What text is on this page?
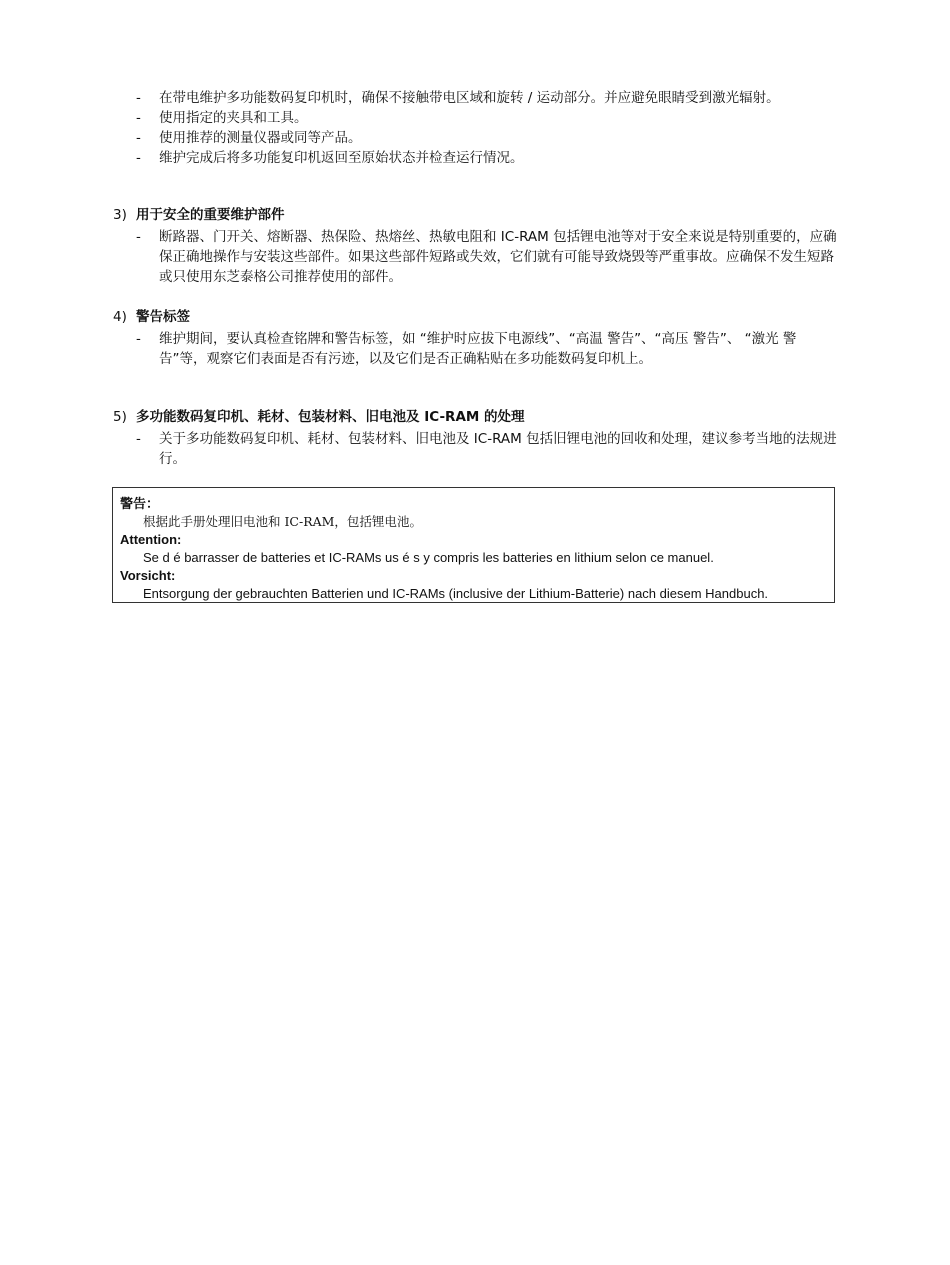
-	在带电维护多功能数码复印机时，确保不接触带电区域和旋转 / 运动部分。并应避免眼睛受到激光辐射。
-	使用指定的夹具和工具。
-	使用推荐的测量仪器或同等产品。
-	维护完成后将多功能复印机返回至原始状态并检查运行情况。
3) 用于安全的重要维护部件
-	断路器、门开关、熔断器、热保险、热熔丝、热敏电阻和 IC-RAM 包括锂电池等对于安全来说是特别重要的，应确保正确地操作与安装这些部件。如果这些部件短路或失效，它们就有可能导致烧毁等严重事故。应确保不发生短路或只使用东芝泰格公司推荐使用的部件。
4) 警告标签
-	维护期间，要认真检查铭牌和警告标签，如 “维护时应拔下电源线”、“高温 警告”、“高压 警告”、 “激光 警告”等，观察它们表面是否有污迹，以及它们是否正确粘贴在多功能数码复印机上。
5) 多功能数码复印机、耗材、包装材料、旧电池及 IC-RAM 的处理
-	关于多功能数码复印机、耗材、包装材料、旧电池及 IC-RAM 包括旧锂电池的回收和处理，建议参考当地的法规进行。
警告：
根据此手册处理旧电池和 IC-RAM，包括锂电池。
Attention:
Se d é barrasser de batteries et IC-RAMs us é s y compris les batteries en lithium selon ce manuel.
Vorsicht:
Entsorgung der gebrauchten Batterien und IC-RAMs (inclusive der Lithium-Batterie) nach diesem Handbuch.
